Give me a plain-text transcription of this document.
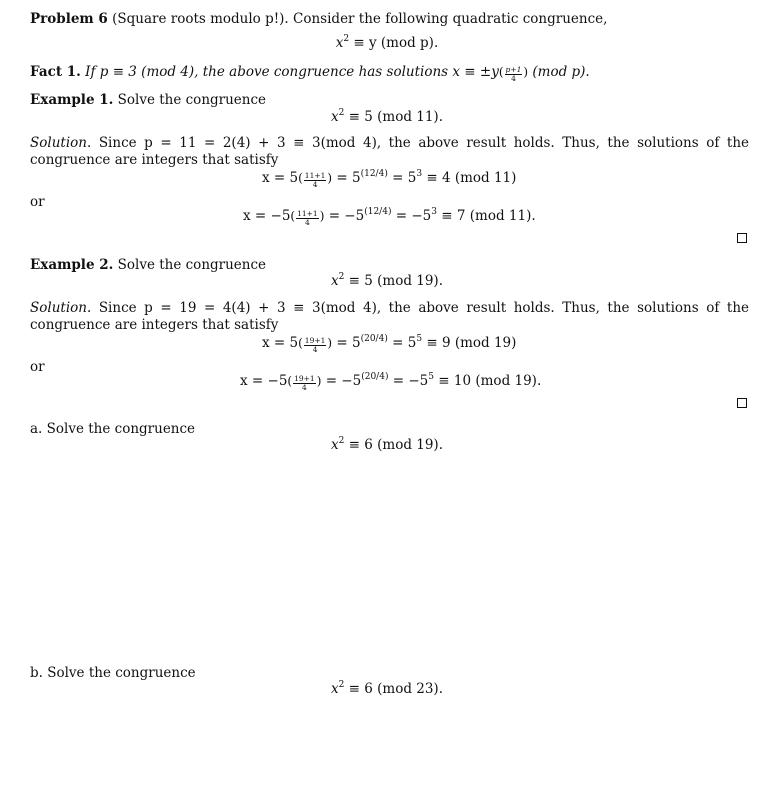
Problem 6 (Square roots modulo p!). Consider the following quadratic congruence,
$x^2 \equiv y$ (mod p).
Fact 1. If p ≡ 3 (mod 4), the above congruence has solutions $x \equiv \pm y( \frac{p+1}{4}$ ) (mod p).
Example 1. Solve the congruence
$x^2 \equiv 5$ (mod 11).
Solution. Since p = 11 = 2(4) + 3 ≡ 3(mod 4), the above result holds. Thus, the solutions of the congruence are integers that satisfy
$x = 5( \frac{11+1}{4}$ ) = $5^{(12/4)} = 5^3 \equiv 4$ (mod 11)
or
$x = -5( \frac{11+1}{4}$ ) = $-5^{(12/4)} = -5^3 \equiv 7$ (mod 11).
Example 2. Solve the congruence
$x^2 \equiv 5$ (mod 19).
Solution. Since p = 19 = 4(4) + 3 ≡ 3(mod 4), the above result holds. Thus, the solutions of the congruence are integers that satisfy
$x = 5( \frac{19+1}{4}$ ) = $5^{(20/4)} = 5^5 \equiv 9$ (mod 19)
or
$x = -5( \frac{19+1}{4}$ ) = $-5^{(20/4)} = -5^5 \equiv 10$ (mod 19).
a. Solve the congruence
$x^2 \equiv 6$ (mod 19).
b. Solve the congruence
$x^2 \equiv 6$ (mod 23).
